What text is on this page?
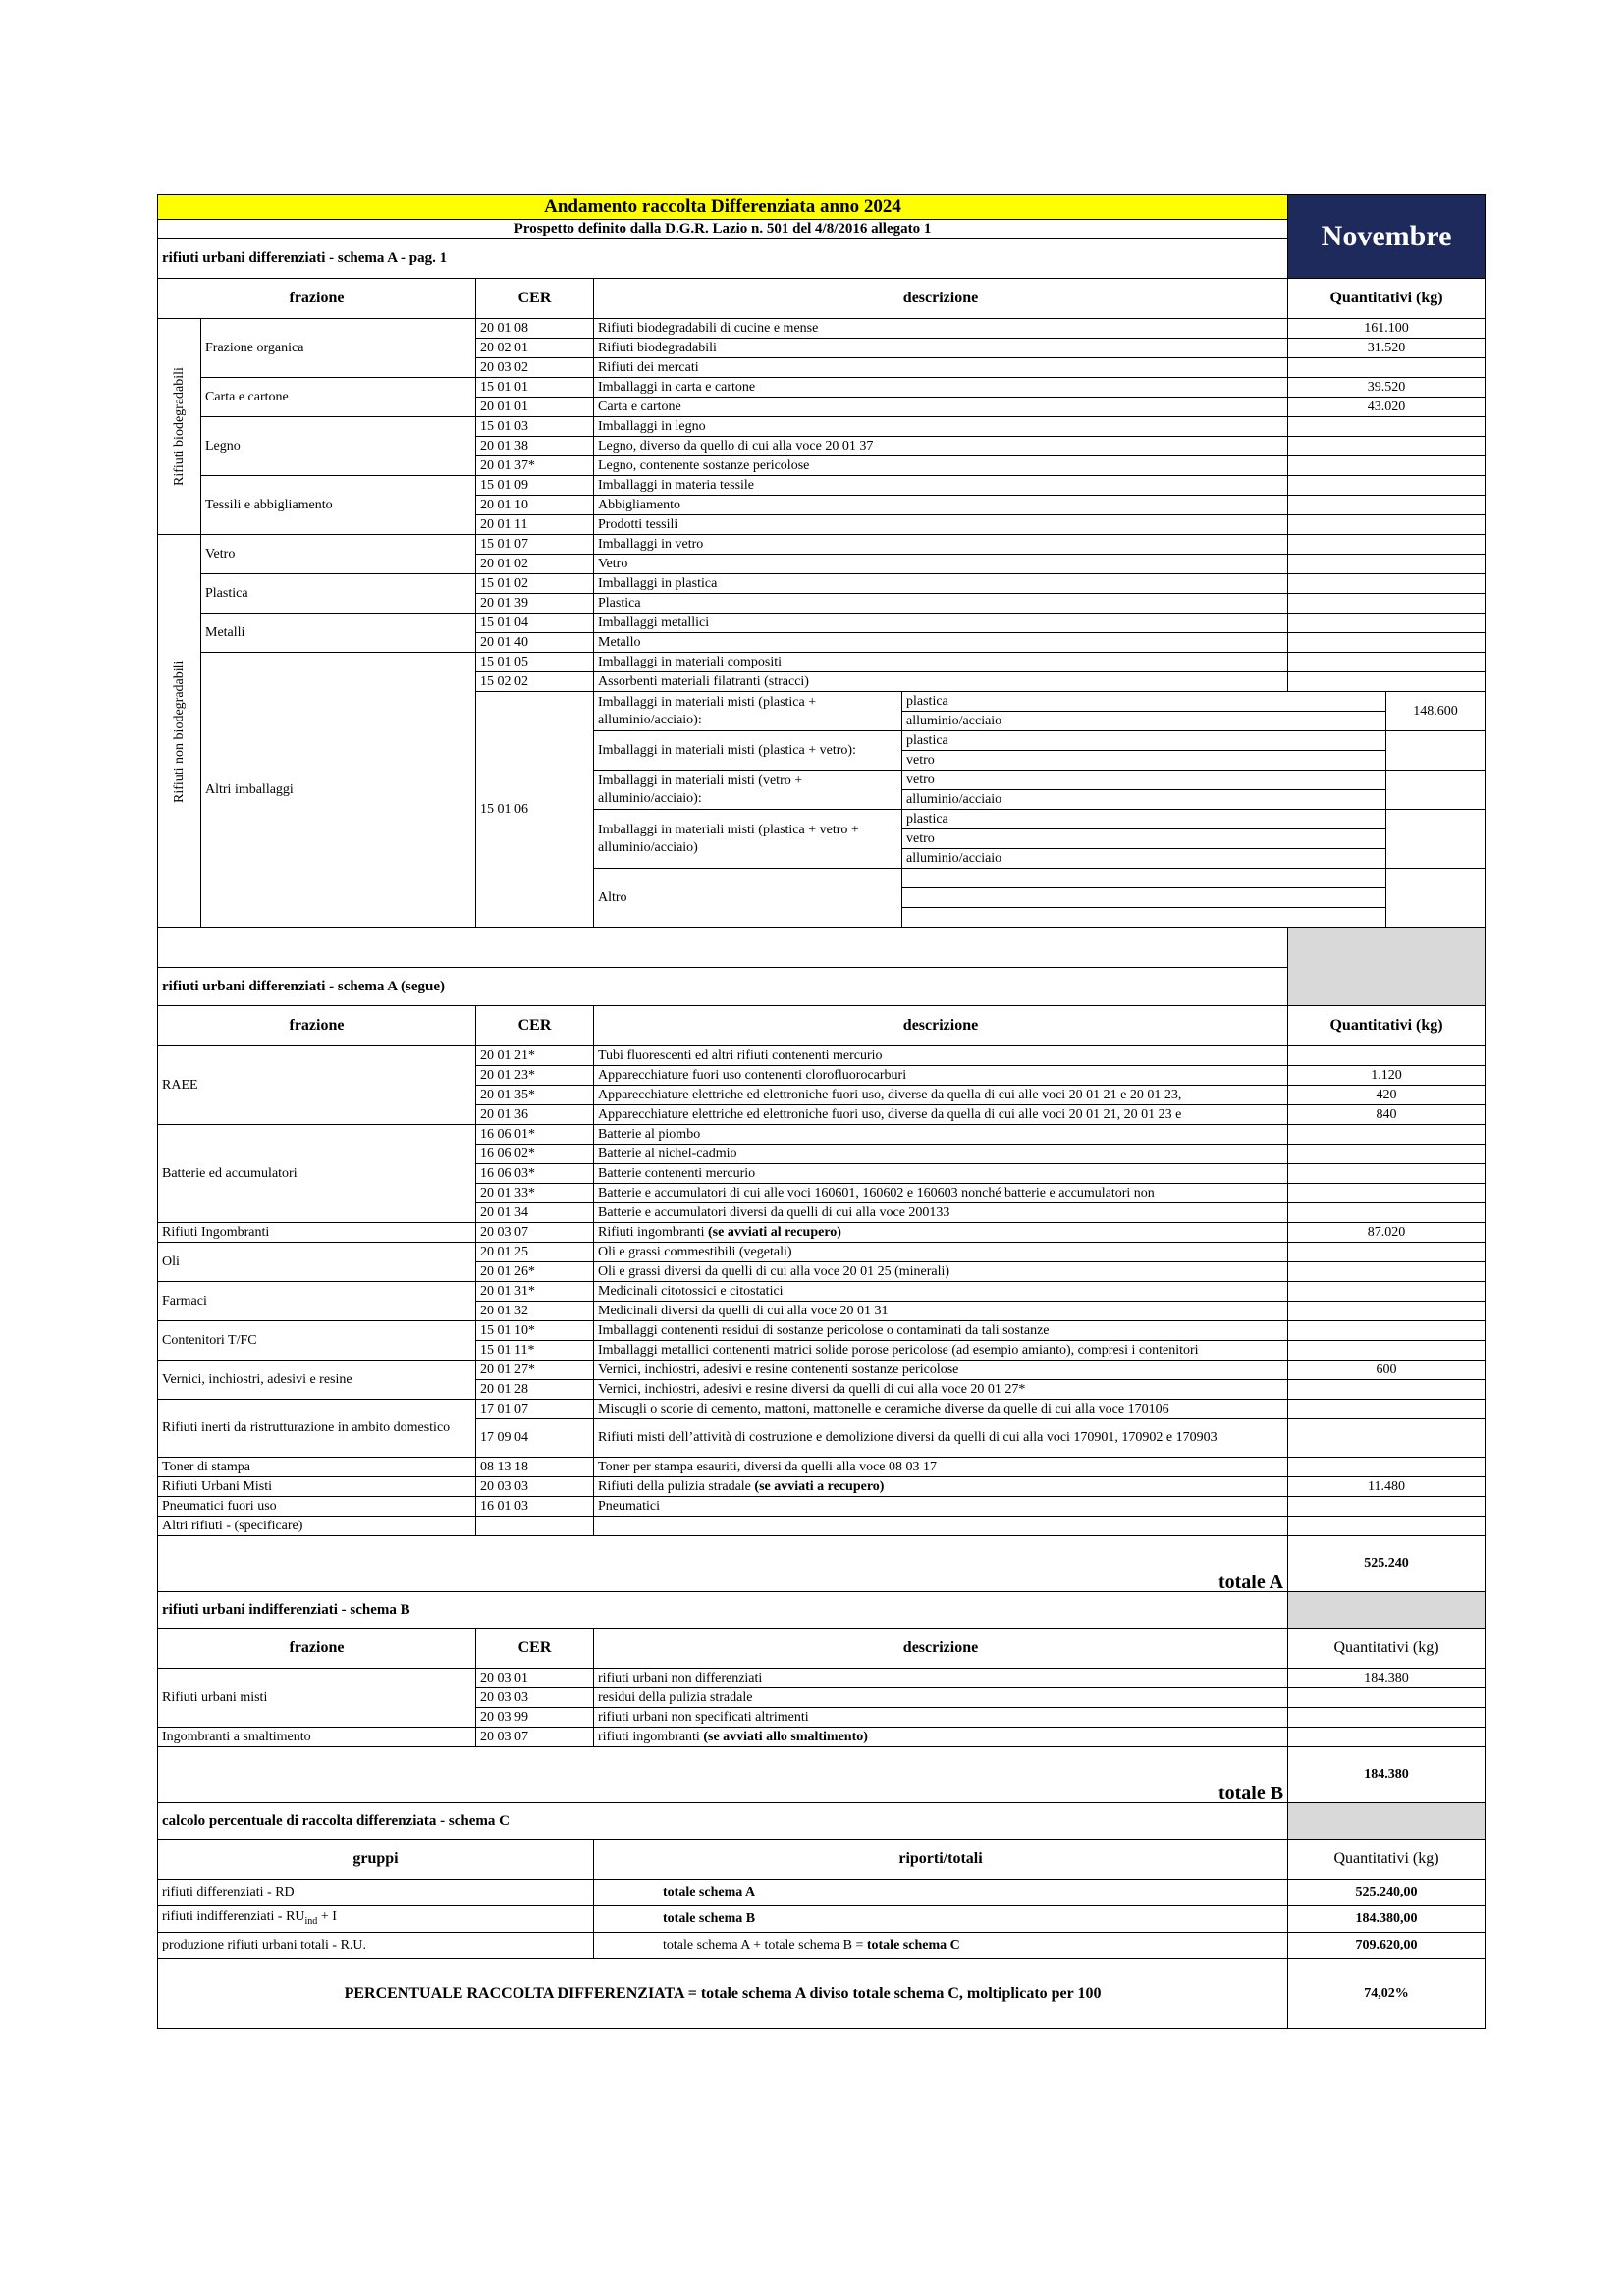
Andamento raccolta Differenziata anno 2024					Novembre	
Prospetto definito dalla D.G.R. Lazio n. 501 del 4/8/2016 allegato 1						
rifiuti urbani differenziati - schema A - pag. 1						
frazione		CER	descrizione		Quantitativi (kg)	
Rifiuti biodegradabili	Frazione organica	20 01 08	Rifiuti biodegradabili di cucine e mense		161.100	
		20 02 01	Rifiuti biodegradabili		31.520	
		20 03 02	Rifiuti dei mercati			
	Carta e cartone	15 01 01	Imballaggi in carta e cartone		39.520	
		20 01 01	Carta e cartone		43.020	
	Legno	15 01 03	Imballaggi in legno			
		20 01 38	Legno, diverso da quello di cui alla voce 20 01 37			
		20 01 37*	Legno, contenente sostanze pericolose			
	Tessili e abbigliamento	15 01 09	Imballaggi in materia tessile			
		20 01 10	Abbigliamento			
		20 01 11	Prodotti tessili			
Rifiuti non biodegradabili	Vetro	15 01 07	Imballaggi in vetro			
		20 01 02	Vetro			
	Plastica	15 01 02	Imballaggi in plastica			
		20 01 39	Plastica			
	Metalli	15 01 04	Imballaggi metallici			
		20 01 40	Metallo			
	Altri imballaggi	15 01 05	Imballaggi in materiali compositi			
		15 02 02	Assorbenti materiali filatranti (stracci)			
		15 01 06	Imballaggi in materiali misti (plastica + alluminio/acciaio):	plastica		148.600
				alluminio/acciaio		
			Imballaggi in materiali misti (plastica + vetro):	plastica		
				vetro		
			Imballaggi in materiali misti (vetro + alluminio/acciaio):	vetro		
				alluminio/acciaio		
			Imballaggi in materiali misti (plastica + vetro + alluminio/acciaio)	plastica		
				vetro		
				alluminio/acciaio		
			Altro			

rifiuti urbani differenziati - schema A (segue)						
frazione		CER	descrizione		Quantitativi (kg)	
RAEE		20 01 21*	Tubi fluorescenti ed altri rifiuti contenenti mercurio			
		20 01 23*	Apparecchiature fuori uso contenenti clorofluorocarburi		1.120	
		20 01 35*	Apparecchiature elettriche ed elettroniche fuori uso, diverse da quella di cui alle voci 20 01 21 e 20 01 23,		420	
		20 01 36	Apparecchiature elettriche ed elettroniche fuori uso, diverse da quella di cui alle voci 20 01 21, 20 01 23 e		840	
Batterie ed accumulatori		16 06 01*	Batterie al piombo			
		16 06 02*	Batterie al nichel-cadmio			
		16 06 03*	Batterie contenenti mercurio			
		20 01 33*	Batterie e accumulatori di cui alle voci 160601, 160602 e 160603 nonché batterie e accumulatori non			
		20 01 34	Batterie e accumulatori diversi da quelli di cui alla voce 200133			
Rifiuti Ingombranti		20 03 07	Rifiuti ingombranti (se avviati al recupero)		87.020	
Oli		20 01 25	Oli e grassi commestibili (vegetali)			
		20 01 26*	Oli e grassi diversi da quelli di cui alla voce 20 01 25 (minerali)			
Farmaci		20 01 31*	Medicinali citotossici e citostatici			
		20 01 32	Medicinali diversi da quelli di cui alla voce 20 01 31			
Contenitori T/FC		15 01 10*	Imballaggi contenenti residui di sostanze pericolose o contaminati da tali sostanze			
		15 01 11*	Imballaggi metallici contenenti matrici solide porose pericolose (ad esempio amianto), compresi i contenitori			
Vernici, inchiostri, adesivi e resine		20 01 27*	Vernici, inchiostri, adesivi e resine contenenti sostanze pericolose		600	
		20 01 28	Vernici, inchiostri, adesivi e resine diversi da quelli di cui alla voce 20 01 27*			
Rifiuti inerti da ristrutturazione in ambito domestico		17 01 07	Miscugli o scorie di cemento, mattoni, mattonelle e ceramiche diverse da quelle di cui alla voce 170106			
		17 09 04	Rifiuti misti dell’attività di costruzione e demolizione diversi da quelli di cui alla voci 170901, 170902 e 170903			
Toner di stampa		08 13 18	Toner per stampa esauriti, diversi da quelli alla voce 08 03 17			
Rifiuti Urbani Misti		20 03 03	Rifiuti della pulizia stradale (se avviati a recupero)		11.480	
Pneumatici fuori uso		16 01 03	Pneumatici			
Altri rifiuti - (specificare)						
totale A					525.240	
rifiuti urbani indifferenziati - schema B						
frazione		CER	descrizione		Quantitativi (kg)	
Rifiuti urbani misti		20 03 01	rifiuti urbani non differenziati		184.380	
		20 03 03	residui della pulizia stradale			
		20 03 99	rifiuti urbani non specificati altrimenti			
Ingombranti a smaltimento		20 03 07	rifiuti ingombranti (se avviati allo smaltimento)			
totale B					184.380	
calcolo percentuale di raccolta differenziata - schema C						
gruppi			riporti/totali		Quantitativi (kg)	
rifiuti differenziati - RD			totale schema A		525.240,00	
rifiuti indifferenziati - $RU_{ind} + I$			totale schema B		184.380,00	
produzione rifiuti urbani totali - R.U.			totale schema A + totale schema B = totale schema C		709.620,00	
PERCENTUALE RACCOLTA DIFFERENZIATA = totale schema A diviso totale schema C, moltiplicato per 100					74,02%	
